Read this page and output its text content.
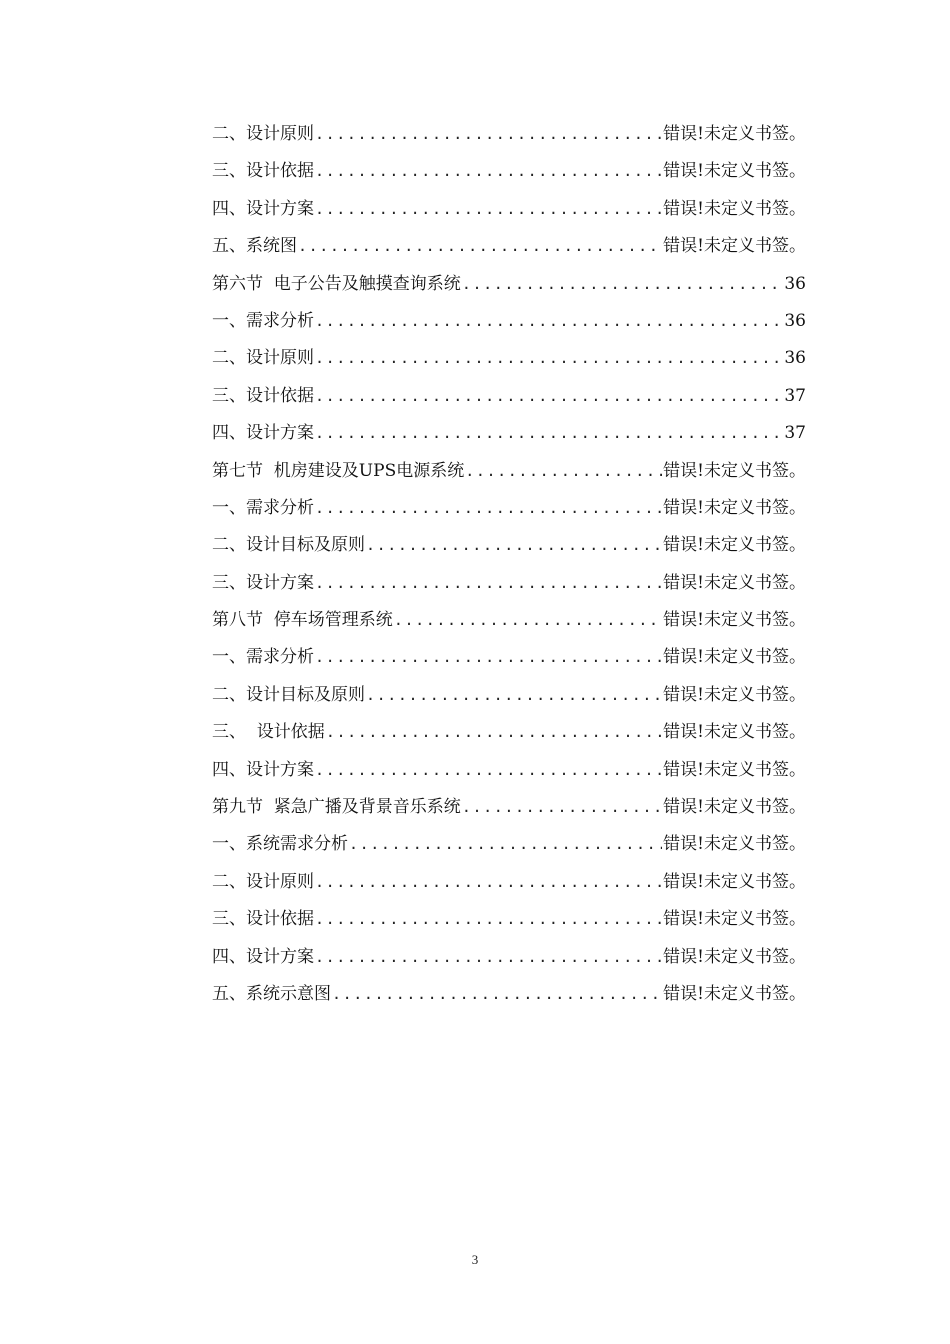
二、设计原则 .....	错误!未定义书签。
三、设计依据 .....	错误!未定义书签。
四、设计方案 .....	错误!未定义书签。
五、系统图 .....	错误!未定义书签。
第六节  电子公告及触摸查询系统 .....	36
一、需求分析 .....	36
二、设计原则 .....	36
三、设计依据 .....	37
四、设计方案 .....	37
第七节  机房建设及UPS电源系统 .....	错误!未定义书签。
一、需求分析 .....	错误!未定义书签。
二、设计目标及原则 .....	错误!未定义书签。
三、设计方案 .....	错误!未定义书签。
第八节  停车场管理系统 .....	错误!未定义书签。
一、需求分析 .....	错误!未定义书签。
二、设计目标及原则 .....	错误!未定义书签。
三、  设计依据 .....	错误!未定义书签。
四、设计方案 .....	错误!未定义书签。
第九节  紧急广播及背景音乐系统 .....	错误!未定义书签。
一、系统需求分析 .....	错误!未定义书签。
二、设计原则 .....	错误!未定义书签。
三、设计依据 .....	错误!未定义书签。
四、设计方案 .....	错误!未定义书签。
五、系统示意图 .....	错误!未定义书签。
3
